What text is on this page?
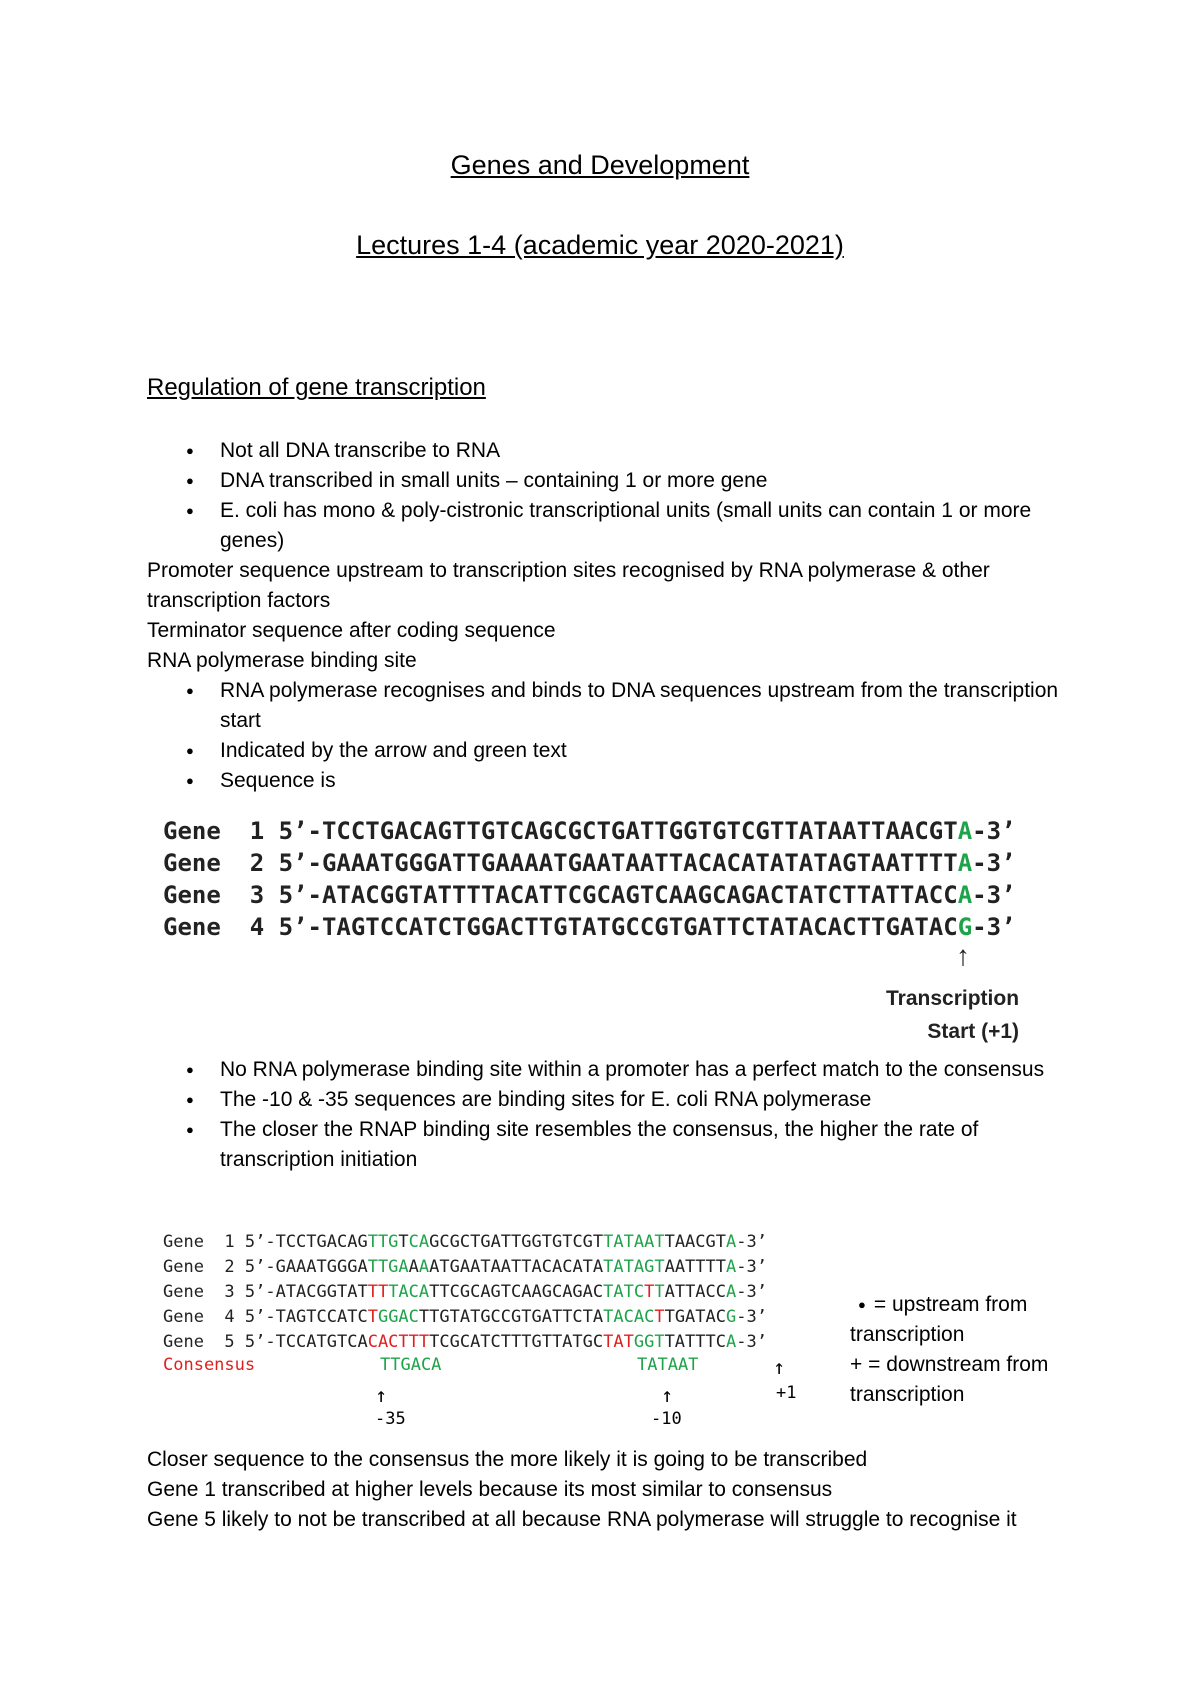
Genes and Development
Lectures 1-4 (academic year 2020-2021)
Regulation of gene transcription
● Not all DNA transcribe to RNA
● DNA transcribed in small units – containing 1 or more gene
● E. coli has mono & poly-cistronic transcriptional units (small units can contain 1 or more genes)

Promoter sequence upstream to transcription sites recognised by RNA polymerase & other transcription factors

Terminator sequence after coding sequence

RNA polymerase binding site

● RNA polymerase recognises and binds to DNA sequences upstream from the transcription start
● Indicated by the arrow and green text
● Sequence is
Gene  1 5’-TCCTGACAGTTGTCAGCGCTGATTGGTGTCGTTATAATTAACGTA-3’
Gene  2 5’-GAAATGGGATTGAAAATGAATAATTACACATATATAGTAATTTTA-3’
Gene  3 5’-ATACGGTATTTTACATTCGCAGTCAAGCAGACTATCTTATTACCA-3’
Gene  4 5’-TAGTCCATCTGGACTTGTATGCCGTGATTCTATACACTTGATACG-3’
↑
Transcription
Start (+1)
● No RNA polymerase binding site within a promoter has a perfect match to the consensus
● The -10 & -35 sequences are binding sites for E. coli RNA polymerase
● The closer the RNAP binding site resembles the consensus, the higher the rate of transcription initiation
Gene  1 5’-TCCTGACAGTTGTCAGCGCTGATTGGTGTCGTTATAATTAACGTA-3’
Gene  2 5’-GAAATGGGATTGAAAATGAATAATTACACATATATAGTAATTTTA-3’
Gene  3 5’-ATACGGTATTTTACATTCGCAGTCAAGCAGACTATCTTATTACCA-3’
Gene  4 5’-TAGTCCATCTGGACTTGTATGCCGTGATTCTATACACTTGATACG-3’
Gene  5 5’-TCCATGTCACACTTTTCGCATCTTTGTTATGCTATGGTTATTTCA-3’
Consensus	TTGACA	TATAAT
↑	↑
↑
-35	-10
+1
● = upstream from transcription
+ = downstream from transcription

Closer sequence to the consensus the more likely it is going to be transcribed

Gene 1 transcribed at higher levels because its most similar to consensus

Gene 5 likely to not be transcribed at all because RNA polymerase will struggle to recognise it
